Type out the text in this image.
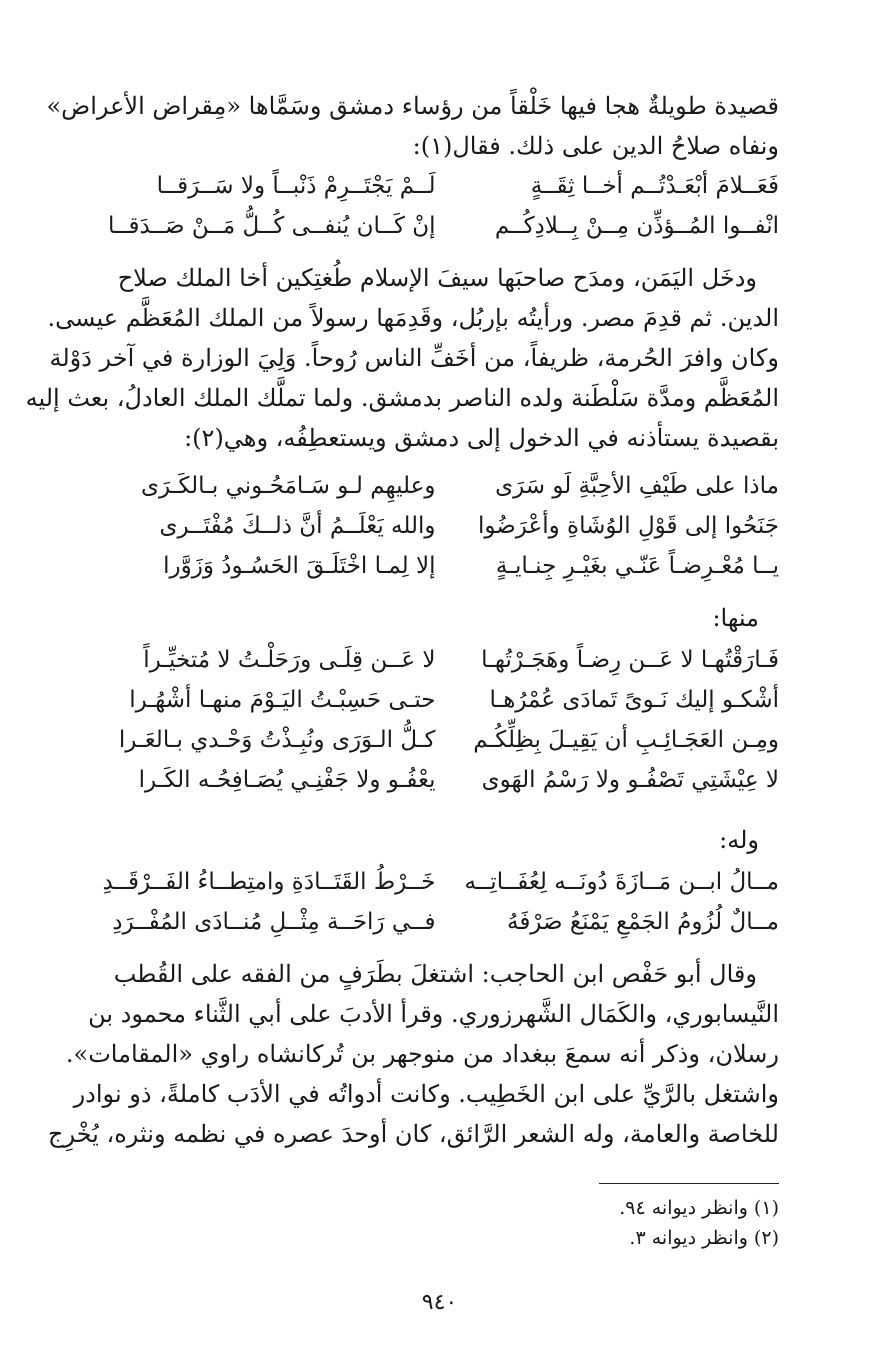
قصيدة طويلةٌ هجا فيها خَلْقاً من رؤساء دمشق وسَمَّاها «مِقراض الأعراض»
ونفاه صلاحُ الدين على ذلك. فقال(١):
فَعَــلامَ أبْعَـدْتُــم أخــا ثِقَــةٍ
لَــمْ يَجْتَــرِمْ ذَنْبــاً ولا سَــرَقــا
انْفــوا المُــؤذِّن مِــنْ بِــلادِكُــم
إنْ كَــان يُنفــى كُــلُّ مَــنْ صَــدَقــا
ودخَل اليَمَن، ومدَح صاحبَها سيفَ الإسلام طُغتِكين أخا الملك صلاح
الدين. ثم قدِمَ مصر. ورأيتُه بإربُل، وقَدِمَها رسولاً من الملك المُعَظَّم عيسى.
وكان وافرَ الحُرمة، ظريفاً، من أخَفِّ الناس رُوحاً. وَلِيَ الوزارة في آخر دَوْلة
المُعَظَّم ومدَّة سَلْطَنة ولده الناصر بدمشق. ولما تملَّك الملك العادلُ، بعث إليه
بقصيدة يستأذنه في الدخول إلى دمشق ويستعطِفُه، وهي(٢):
ماذا على طَيْفِ الأحِبَّةِ لَو سَرَى
وعليهِم لـو سَـامَحُـوني بـالكَـرَى
جَنَحُوا إلى قَوْلِ الوُشَاةِ وأعْرَضُوا
والله يَعْلَــمُ أنَّ ذلــكَ مُفْتَــرى
يــا مُعْـرِضـاً عَنّـي بغَيْـرِ جِنـايـةٍ
إلا لِمـا اخْتَلَـقَ الحَسُـودُ وَزَوَّرا
منها:
فَـارَقْتُهـا لا عَــن رِضـاً وهَجَـرْتُهـا
لا عَــن قِلَـى ورَحَلْـتُ لا مُتخيِّـراً
أشْكـو إليك نَـوىً تَمادَى عُمْرُهـا
حتـى حَسِبْـتُ اليَـوْمَ منهـا أشْهُـرا
ومِـن العَجَـائِـبِ أن يَقِيـلَ بِظِلِّكُـم
كـلُّ الـوَرَى ونُبِـذْتُ وَحْـدي بـالعَـرا
لا عِيْشَتِي تَصْفُـو ولا رَسْمُ الهَوى
يعْفُـو ولا جَفْنِـي يُصَـافِحُـه الكَـرا
وله:
مــالُ ابــن مَــازَةَ دُونَــه لِعُفَــاتِــه
خَــرْطُ القَتَــادَةِ وامتِطــاءُ الفَــرْقَــدِ
مــالٌ لُزُومُ الجَمْعِ يَمْنَعُ صَرْفَهُ
فــي رَاحَــة مِثْــلِ مُنــادَى المُفْــرَدِ
وقال أبو حَفْص ابن الحاجب: اشتغلَ بطَرَفٍ من الفقه على القُطب
النَّيسابوري، والكَمَال الشَّهرزوري. وقرأ الأدبَ على أبي الثَّناء محمود بن
رسلان، وذكر أنه سمعَ ببغداد من منوجهر بن تُركانشاه راوي «المقامات».
واشتغل بالرَّيِّ على ابن الخَطِيب. وكانت أدواتُه في الأدَب كاملةً، ذو نوادر
للخاصة والعامة، وله الشعر الرَّائق، كان أوحدَ عصره في نظمه ونثره، يُخْرِج
(١) وانظر ديوانه ٩٤.
(٢) وانظر ديوانه ٣.
٩٤٠
